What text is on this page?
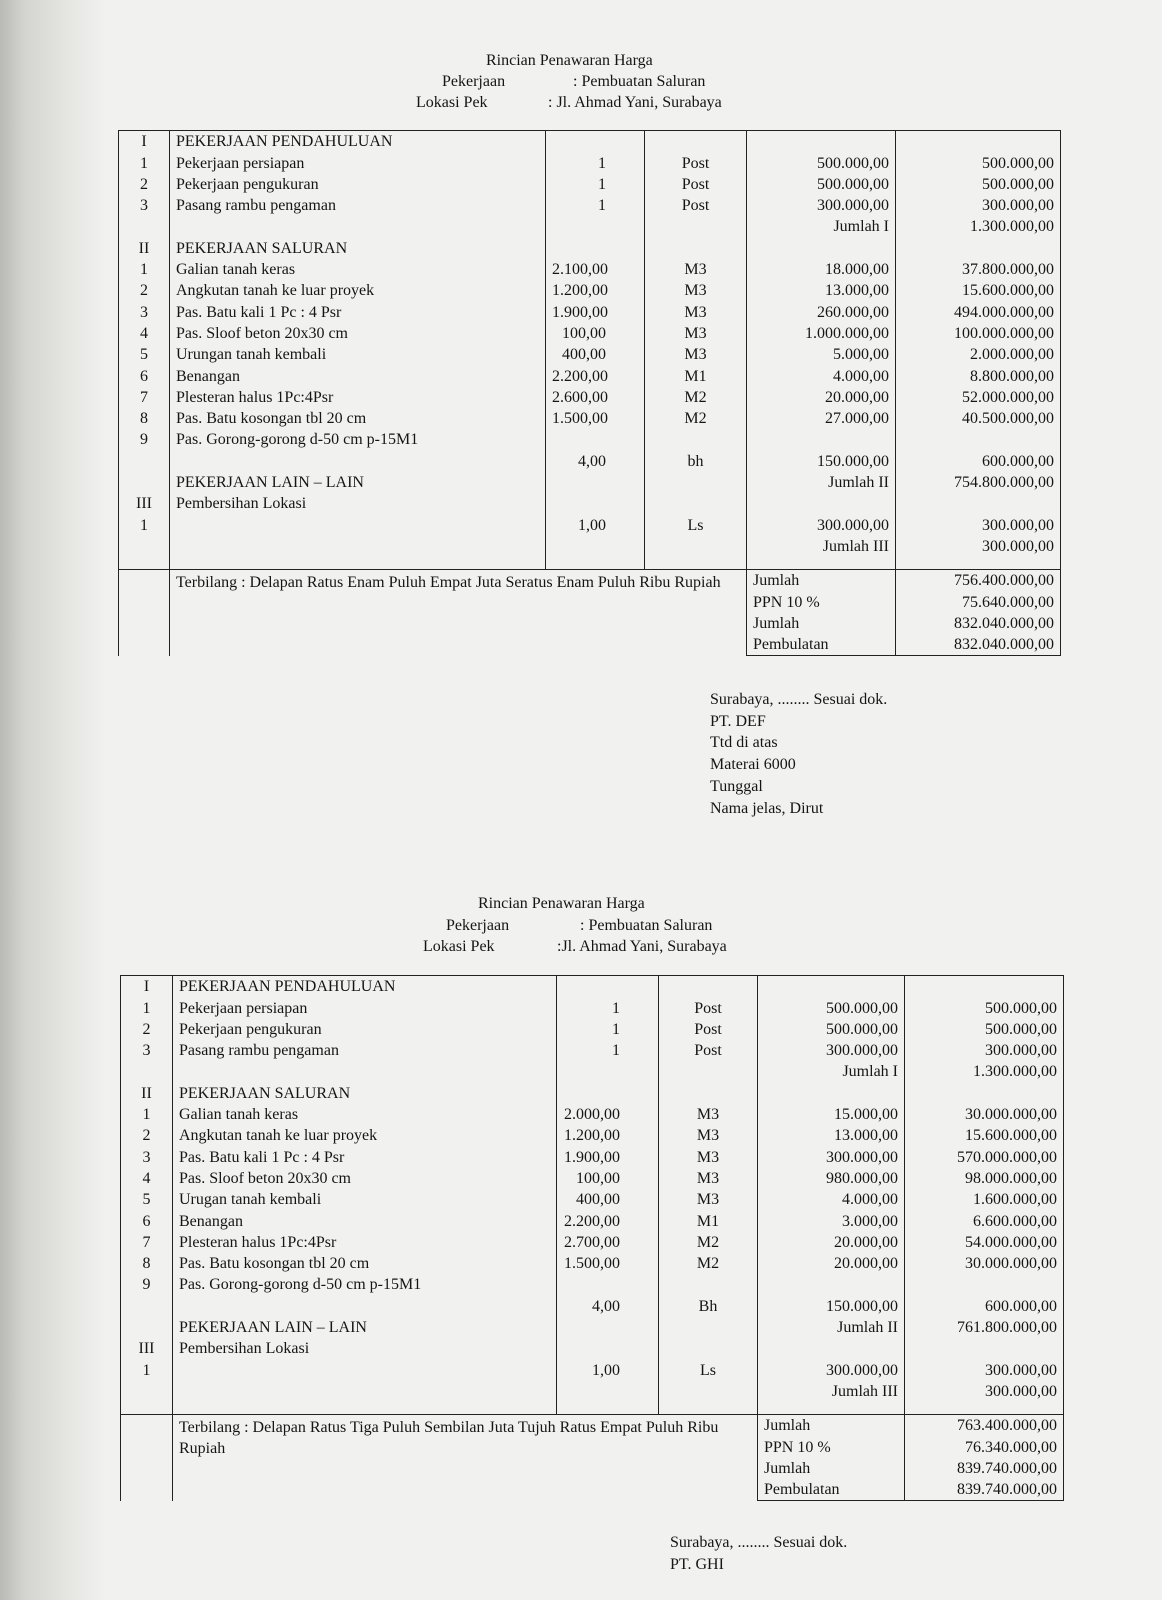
Rincian Penawaran Harga
Pekerjaan	: Pembuatan Saluran
Lokasi Pek	: Jl. Ahmad Yani, Surabaya
I	PEKERJAAN PENDAHULUAN				
1	Pekerjaan persiapan	1	Post	500.000,00	500.000,00
2	Pekerjaan pengukuran	1	Post	500.000,00	500.000,00
3	Pasang rambu pengaman	1	Post	300.000,00	300.000,00
				Jumlah I	1.300.000,00
II	PEKERJAAN SALURAN				
1	Galian tanah keras	2.100,00	M3	18.000,00	37.800.000,00
2	Angkutan tanah ke luar proyek	1.200,00	M3	13.000,00	15.600.000,00
3	Pas. Batu kali 1 Pc : 4 Psr	1.900,00	M3	260.000,00	494.000.000,00
4	Pas. Sloof beton 20x30 cm	100,00	M3	1.000.000,00	100.000.000,00
5	Urungan tanah kembali	400,00	M3	5.000,00	2.000.000,00
6	Benangan	2.200,00	M1	4.000,00	8.800.000,00
7	Plesteran halus 1Pc:4Psr	2.600,00	M2	20.000,00	52.000.000,00
8	Pas. Batu kosongan tbl 20 cm	1.500,00	M2	27.000,00	40.500.000,00
9	Pas. Gorong-gorong d-50 cm p-15M1				
		4,00	bh	150.000,00	600.000,00
	PEKERJAAN LAIN – LAIN			Jumlah II	754.800.000,00
III	Pembersihan Lokasi				
1		1,00	Ls	300.000,00	300.000,00
				Jumlah III	300.000,00

	Terbilang : Delapan Ratus Enam Puluh Empat Juta Seratus Enam Puluh Ribu Rupiah			Jumlah	756.400.000,00
				PPN 10 %	75.640.000,00
				Jumlah	832.040.000,00
				Pembulatan	832.040.000,00
Surabaya, ........ Sesuai dok.
PT. DEF
Ttd di atas
Materai 6000
Tunggal
Nama jelas, Dirut
Rincian Penawaran Harga
Pekerjaan	: Pembuatan Saluran
Lokasi Pek	:Jl. Ahmad Yani, Surabaya
I	PEKERJAAN PENDAHULUAN				
1	Pekerjaan persiapan	1	Post	500.000,00	500.000,00
2	Pekerjaan pengukuran	1	Post	500.000,00	500.000,00
3	Pasang rambu pengaman	1	Post	300.000,00	300.000,00
				Jumlah I	1.300.000,00
II	PEKERJAAN SALURAN				
1	Galian tanah keras	2.000,00	M3	15.000,00	30.000.000,00
2	Angkutan tanah ke luar proyek	1.200,00	M3	13.000,00	15.600.000,00
3	Pas. Batu kali 1 Pc : 4 Psr	1.900,00	M3	300.000,00	570.000.000,00
4	Pas. Sloof beton 20x30 cm	100,00	M3	980.000,00	98.000.000,00
5	Urugan tanah kembali	400,00	M3	4.000,00	1.600.000,00
6	Benangan	2.200,00	M1	3.000,00	6.600.000,00
7	Plesteran halus 1Pc:4Psr	2.700,00	M2	20.000,00	54.000.000,00
8	Pas. Batu kosongan tbl 20 cm	1.500,00	M2	20.000,00	30.000.000,00
9	Pas. Gorong-gorong d-50 cm p-15M1				
		4,00	Bh	150.000,00	600.000,00
	PEKERJAAN LAIN – LAIN			Jumlah II	761.800.000,00
III	Pembersihan Lokasi				
1		1,00	Ls	300.000,00	300.000,00
				Jumlah III	300.000,00

	Terbilang : Delapan Ratus Tiga Puluh Sembilan Juta Tujuh Ratus Empat Puluh Ribu Rupiah			Jumlah	763.400.000,00
				PPN 10 %	76.340.000,00
				Jumlah	839.740.000,00
				Pembulatan	839.740.000,00
Surabaya, ........ Sesuai dok.
PT. GHI
